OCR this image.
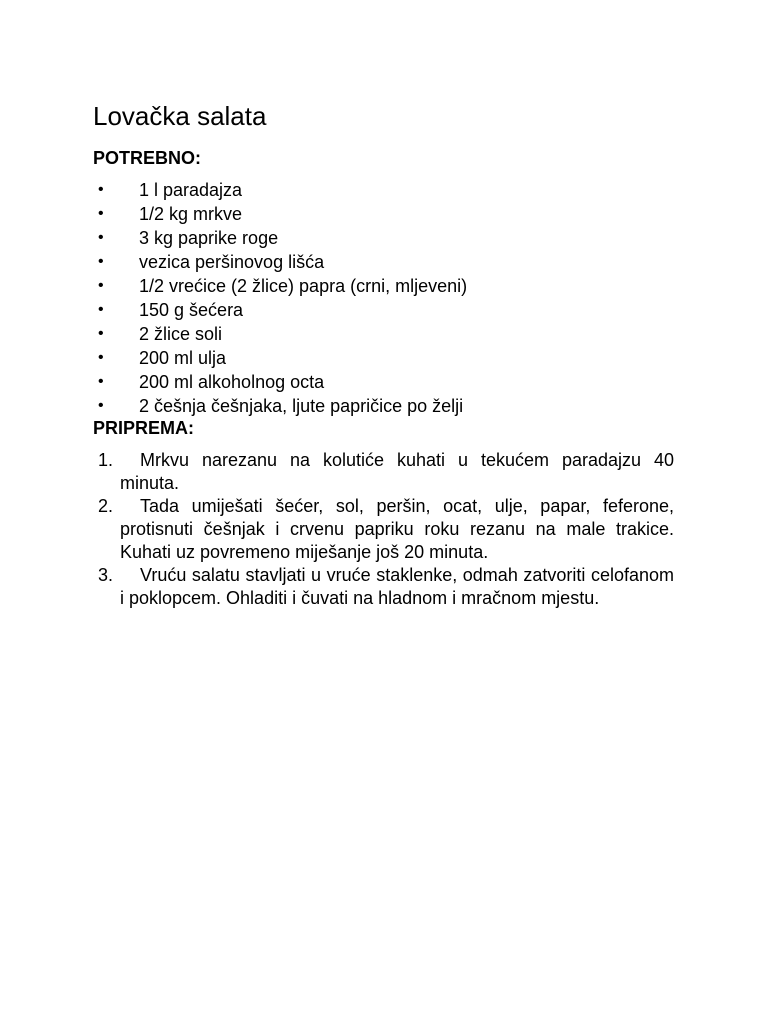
Lovačka salata
POTREBNO:
•	1 l paradajza
•	1/2 kg mrkve
•	3 kg paprike roge
•	vezica peršinovog lišća
•	1/2 vrećice (2 žlice) papra (crni, mljeveni)
•	150 g šećera
•	2 žlice soli
•	200 ml ulja
•	200 ml alkoholnog octa
•	2 češnja češnjaka, ljute papričice po želji
PRIPREMA:
1.	Mrkvu narezanu na kolutiće kuhati u tekućem paradajzu 40 minuta.
2.	Tada umiješati šećer, sol, peršin, ocat, ulje, papar, feferone, protisnuti češnjak i crvenu papriku roku rezanu na male trakice. Kuhati uz povremeno miješanje još 20 minuta.
3.	Vruću salatu stavljati u vruće staklenke, odmah zatvoriti celofanom i poklopcem. Ohladiti i čuvati na hladnom i mračnom mjestu.
